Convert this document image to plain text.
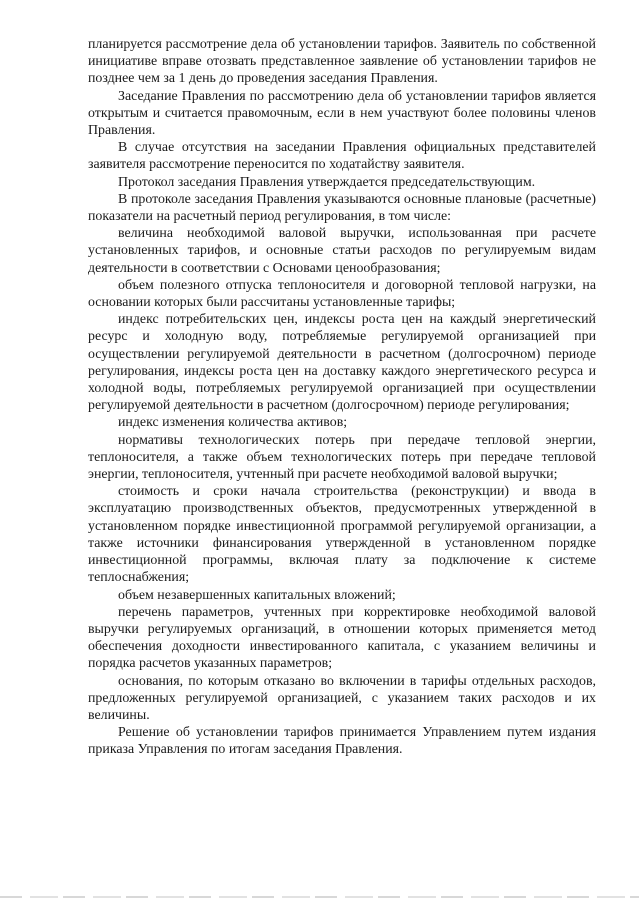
планируется рассмотрение дела об установлении тарифов. Заявитель по собственной инициативе вправе отозвать представленное заявление об установлении тарифов не позднее чем за 1 день до проведения заседания Правления.

Заседание Правления по рассмотрению дела об установлении тарифов является открытым и считается правомочным, если в нем участвуют более половины членов Правления.

В случае отсутствия на заседании Правления официальных представителей заявителя рассмотрение переносится по ходатайству заявителя.

Протокол заседания Правления утверждается председательствующим.

В протоколе заседания Правления указываются основные плановые (расчетные) показатели на расчетный период регулирования, в том числе:

величина необходимой валовой выручки, использованная при расчете установленных тарифов, и основные статьи расходов по регулируемым видам деятельности в соответствии с Основами ценообразования;

объем полезного отпуска теплоносителя и договорной тепловой нагрузки, на основании которых были рассчитаны установленные тарифы;

индекс потребительских цен, индексы роста цен на каждый энергетический ресурс и холодную воду, потребляемые регулируемой организацией при осуществлении регулируемой деятельности в расчетном (долгосрочном) периоде регулирования, индексы роста цен на доставку каждого энергетического ресурса и холодной воды, потребляемых регулируемой организацией при осуществлении регулируемой деятельности в расчетном (долгосрочном) периоде регулирования;

индекс изменения количества активов;

нормативы технологических потерь при передаче тепловой энергии, теплоносителя, а также объем технологических потерь при передаче тепловой энергии, теплоносителя, учтенный при расчете необходимой валовой выручки;

стоимость и сроки начала строительства (реконструкции) и ввода в эксплуатацию производственных объектов, предусмотренных утвержденной в установленном порядке инвестиционной программой регулируемой организации, а также источники финансирования утвержденной в установленном порядке инвестиционной программы, включая плату за подключение к системе теплоснабжения;

объем незавершенных капитальных вложений;

перечень параметров, учтенных при корректировке необходимой валовой выручки регулируемых организаций, в отношении которых применяется метод обеспечения доходности инвестированного капитала, с указанием величины и порядка расчетов указанных параметров;

основания, по которым отказано во включении в тарифы отдельных расходов, предложенных регулируемой организацией, с указанием таких расходов и их величины.

Решение об установлении тарифов принимается Управлением путем издания приказа Управления по итогам заседания Правления.
